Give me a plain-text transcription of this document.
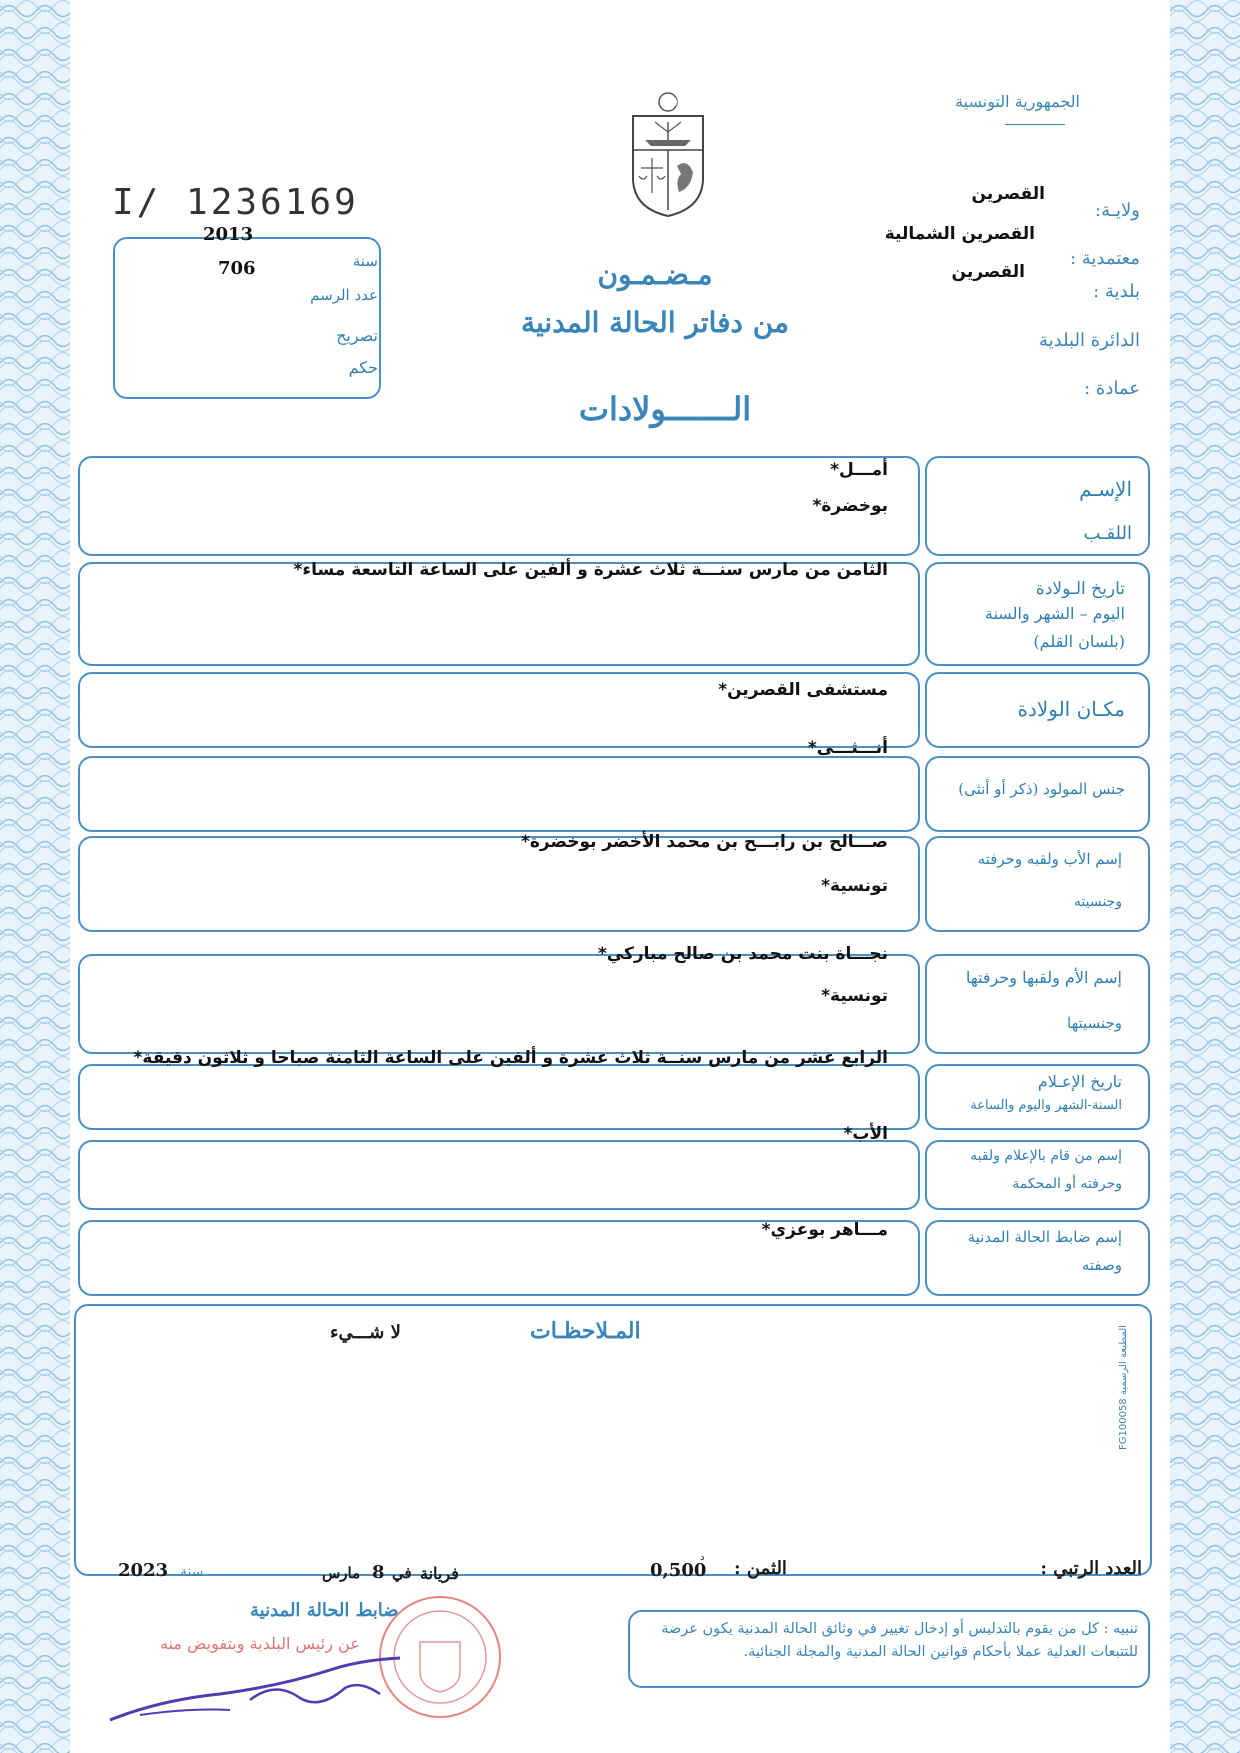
الجمهورية التونسية
ولايـة:
القصرين
معتمدية :
القصرين الشمالية
بلدية :
القصرين
الدائرة البلدية
عمادة :
I/ 1236169
2013
سنة
706
عدد الرسم
تصريح
حكم
مـضـمـون
من دفاتر الحالة المدنية
الـــــــولادات
الإسـم
اللقـب
أمـــل*
بوخضرة*
تاريخ الـولادة
اليوم – الشهر والسنة
(بلسان القلم)
الثامن من مارس سنـــة ثلاث عشرة و ألفين على الساعة التاسعة مساء*
مكـان الولادة
مستشفى القصرين*
جنس المولود (ذكر أو أنثى)
أنـــثـــى*
إسم الأب ولقبه وحرفته
وجنسيته
صـــالح بن رابـــح بن محمد الأخضر بوخضرة*
تونسية*
إسم الأم ولقبها وحرفتها
وجنسيتها
نجـــاة بنت محمد بن صالح مباركي*
تونسية*
تاريخ الإعـلام
السنة-الشهر واليوم والساعة
الرابع عشر من مارس سنــة ثلاث عشرة و ألفين على الساعة الثامنة صباحا و ثلاثون دقيقة*
إسم من قام بالإعلام ولقبه
وحرفته أو المحكمة
الأب*
إسم ضابط الحالة المدنية
وصفته
مـــاهر بوعزي*
المـلاحظـات
لا شـــيء
المطبعة الرسمية FG100058
العدد الرتبي :
الثمن :
0,500
د
فريانة
في
8
مارس
سنة
2023
ضابط الحالة المدنية
تنبيه : كل من يقوم بالتدليس أو إدخال تغيير في وثائق الحالة المدنية يكون عرضة للتتبعات العدلية عملا بأحكام قوانين الحالة المدنية والمجلة الجنائية.
عن رئيس البلدية وبتفويض منه
